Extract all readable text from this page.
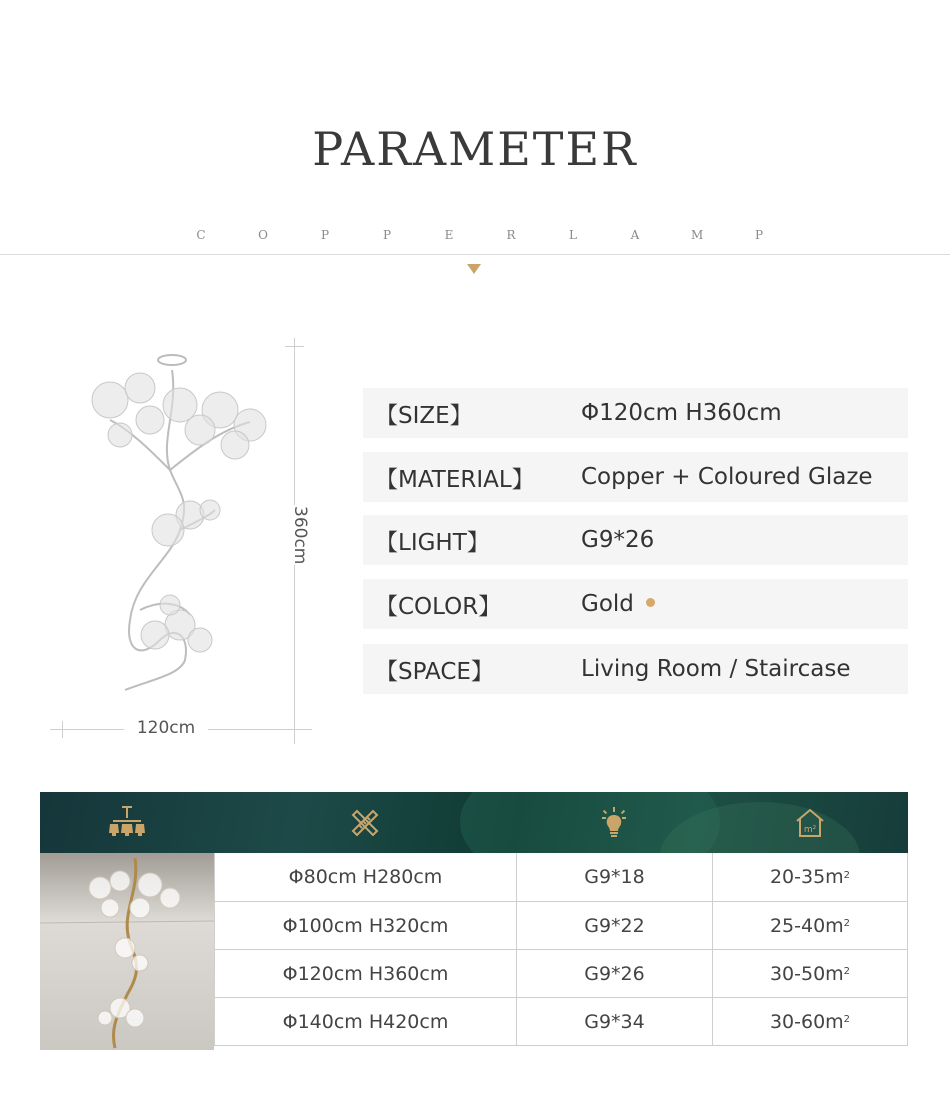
PARAMETER
C	O	P	P	E	R	L	A	M	P
360cm
120cm
【SIZE】	Φ120cm H360cm
【MATERIAL】	Copper + Coloured Glaze
【LIGHT】	G9*26
【COLOR】	Gold
【SPACE】	Living Room / Staircase
m²
Φ80cm H280cm	G9*18	$20-35m^2$
Φ100cm H320cm	G9*22	$25-40m^2$
Φ120cm H360cm	G9*26	$30-50m^2$
Φ140cm H420cm	G9*34	$30-60m^2$
